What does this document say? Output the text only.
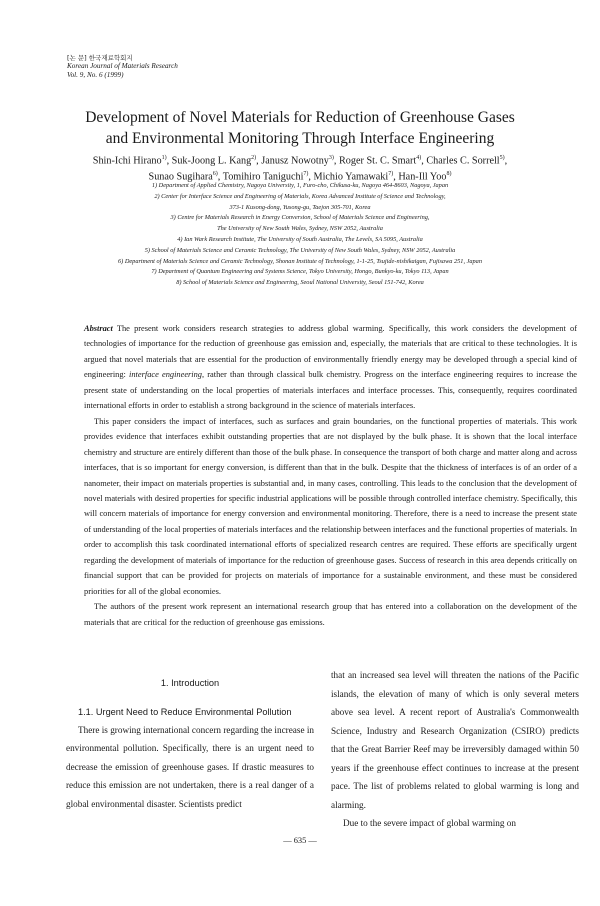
[논 문] 한국재료학회지
Korean Journal of Materials Research
Vol. 9, No. 6 (1999)
Development of Novel Materials for Reduction of Greenhouse Gases
and Environmental Monitoring Through Interface Engineering
Shin-Ichi Hirano$^{1)}$, Suk-Joong L. Kang$^{2)}$, Janusz Nowotny$^{3)}$, Roger St. C. Smart$^{4)}$, Charles C. Sorrell$^{5)}$,
Sunao Sugihara$^{6)}$, Tomihiro Taniguchi$^{7)}$, Michio Yamawaki$^{7)}$, Han-Ill Yoo$^{8)}$
1) Department of Applied Chemistry, Nagoya University, 1, Furo-cho, Chikusa-ku, Nagoya 464-8603, Nagoya, Japan
2) Center for Interface Science and Engineering of Materials, Korea Advanced Institute of Science and Technology,
373-1 Kusong-dong, Yusong-gu, Taejon 305-701, Korea
3) Centre for Materials Research in Energy Conversion, School of Materials Science and Engineering,
The University of New South Wales, Sydney, NSW 2052, Australia
4) Ian Wark Research Institute, The University of South Australia, The Levels, SA 5095, Australia
5) School of Materials Science and Ceramic Technology, The University of New South Wales, Sydney, NSW 2052, Australia
6) Department of Materials Science and Ceramic Technology, Shonan Institute of Technology, 1-1-25, Tsujide-nishikaigan, Fujisawa 251, Japan
7) Department of Quantum Engineering and Systems Science, Tokyo University, Hongo, Bunkyo-ku, Tokyo 113, Japan
8) School of Materials Science and Engineering, Seoul National University, Seoul 151-742, Korea

Abstract The present work considers research strategies to address global warming. Specifically, this work considers the development of technologies of importance for the reduction of greenhouse gas emission and, especially, the materials that are critical to these technologies. It is argued that novel materials that are essential for the production of environmentally friendly energy may be developed through a special kind of engineering: interface engineering, rather than through classical bulk chemistry. Progress on the interface engineering requires to increase the present state of understanding on the local properties of materials interfaces and interface processes. This, consequently, requires coordinated international efforts in order to establish a strong background in the science of materials interfaces.

This paper considers the impact of interfaces, such as surfaces and grain boundaries, on the functional properties of materials. This work provides evidence that interfaces exhibit outstanding properties that are not displayed by the bulk phase. It is shown that the local interface chemistry and structure are entirely different than those of the bulk phase. In consequence the transport of both charge and matter along and across interfaces, that is so important for energy conversion, is different than that in the bulk. Despite that the thickness of interfaces is of an order of a nanometer, their impact on materials properties is substantial and, in many cases, controlling. This leads to the conclusion that the development of novel materials with desired properties for specific industrial applications will be possible through controlled interface chemistry. Specifically, this will concern materials of importance for energy conversion and environmental monitoring. Therefore, there is a need to increase the present state of understanding of the local properties of materials interfaces and the relationship between interfaces and the functional properties of materials. In order to accomplish this task coordinated international efforts of specialized research centres are required. These efforts are specifically urgent regarding the development of materials of importance for the reduction of greenhouse gases. Success of research in this area depends critically on financial support that can be provided for projects on materials of importance for a sustainable environment, and these must be considered priorities for all of the global economies.

The authors of the present work represent an international research group that has entered into a collaboration on the development of the materials that are critical for the reduction of greenhouse gas emissions.

1. Introduction
1.1. Urgent Need to Reduce Environmental Pollution

There is growing international concern regarding the increase in environmental pollution. Specifically, there is an urgent need to decrease the emission of greenhouse gases. If drastic measures to reduce this emission are not undertaken, there is a real danger of a global environmental disaster. Scientists predict

that an increased sea level will threaten the nations of the Pacific islands, the elevation of many of which is only several meters above sea level. A recent report of Australia's Commonwealth Science, Industry and Research Organization (CSIRO) predicts that the Great Barrier Reef may be irreversibly damaged within 50 years if the greenhouse effect continues to increase at the present pace. The list of problems related to global warming is long and alarming.

Due to the severe impact of global warming on

— 635 —
